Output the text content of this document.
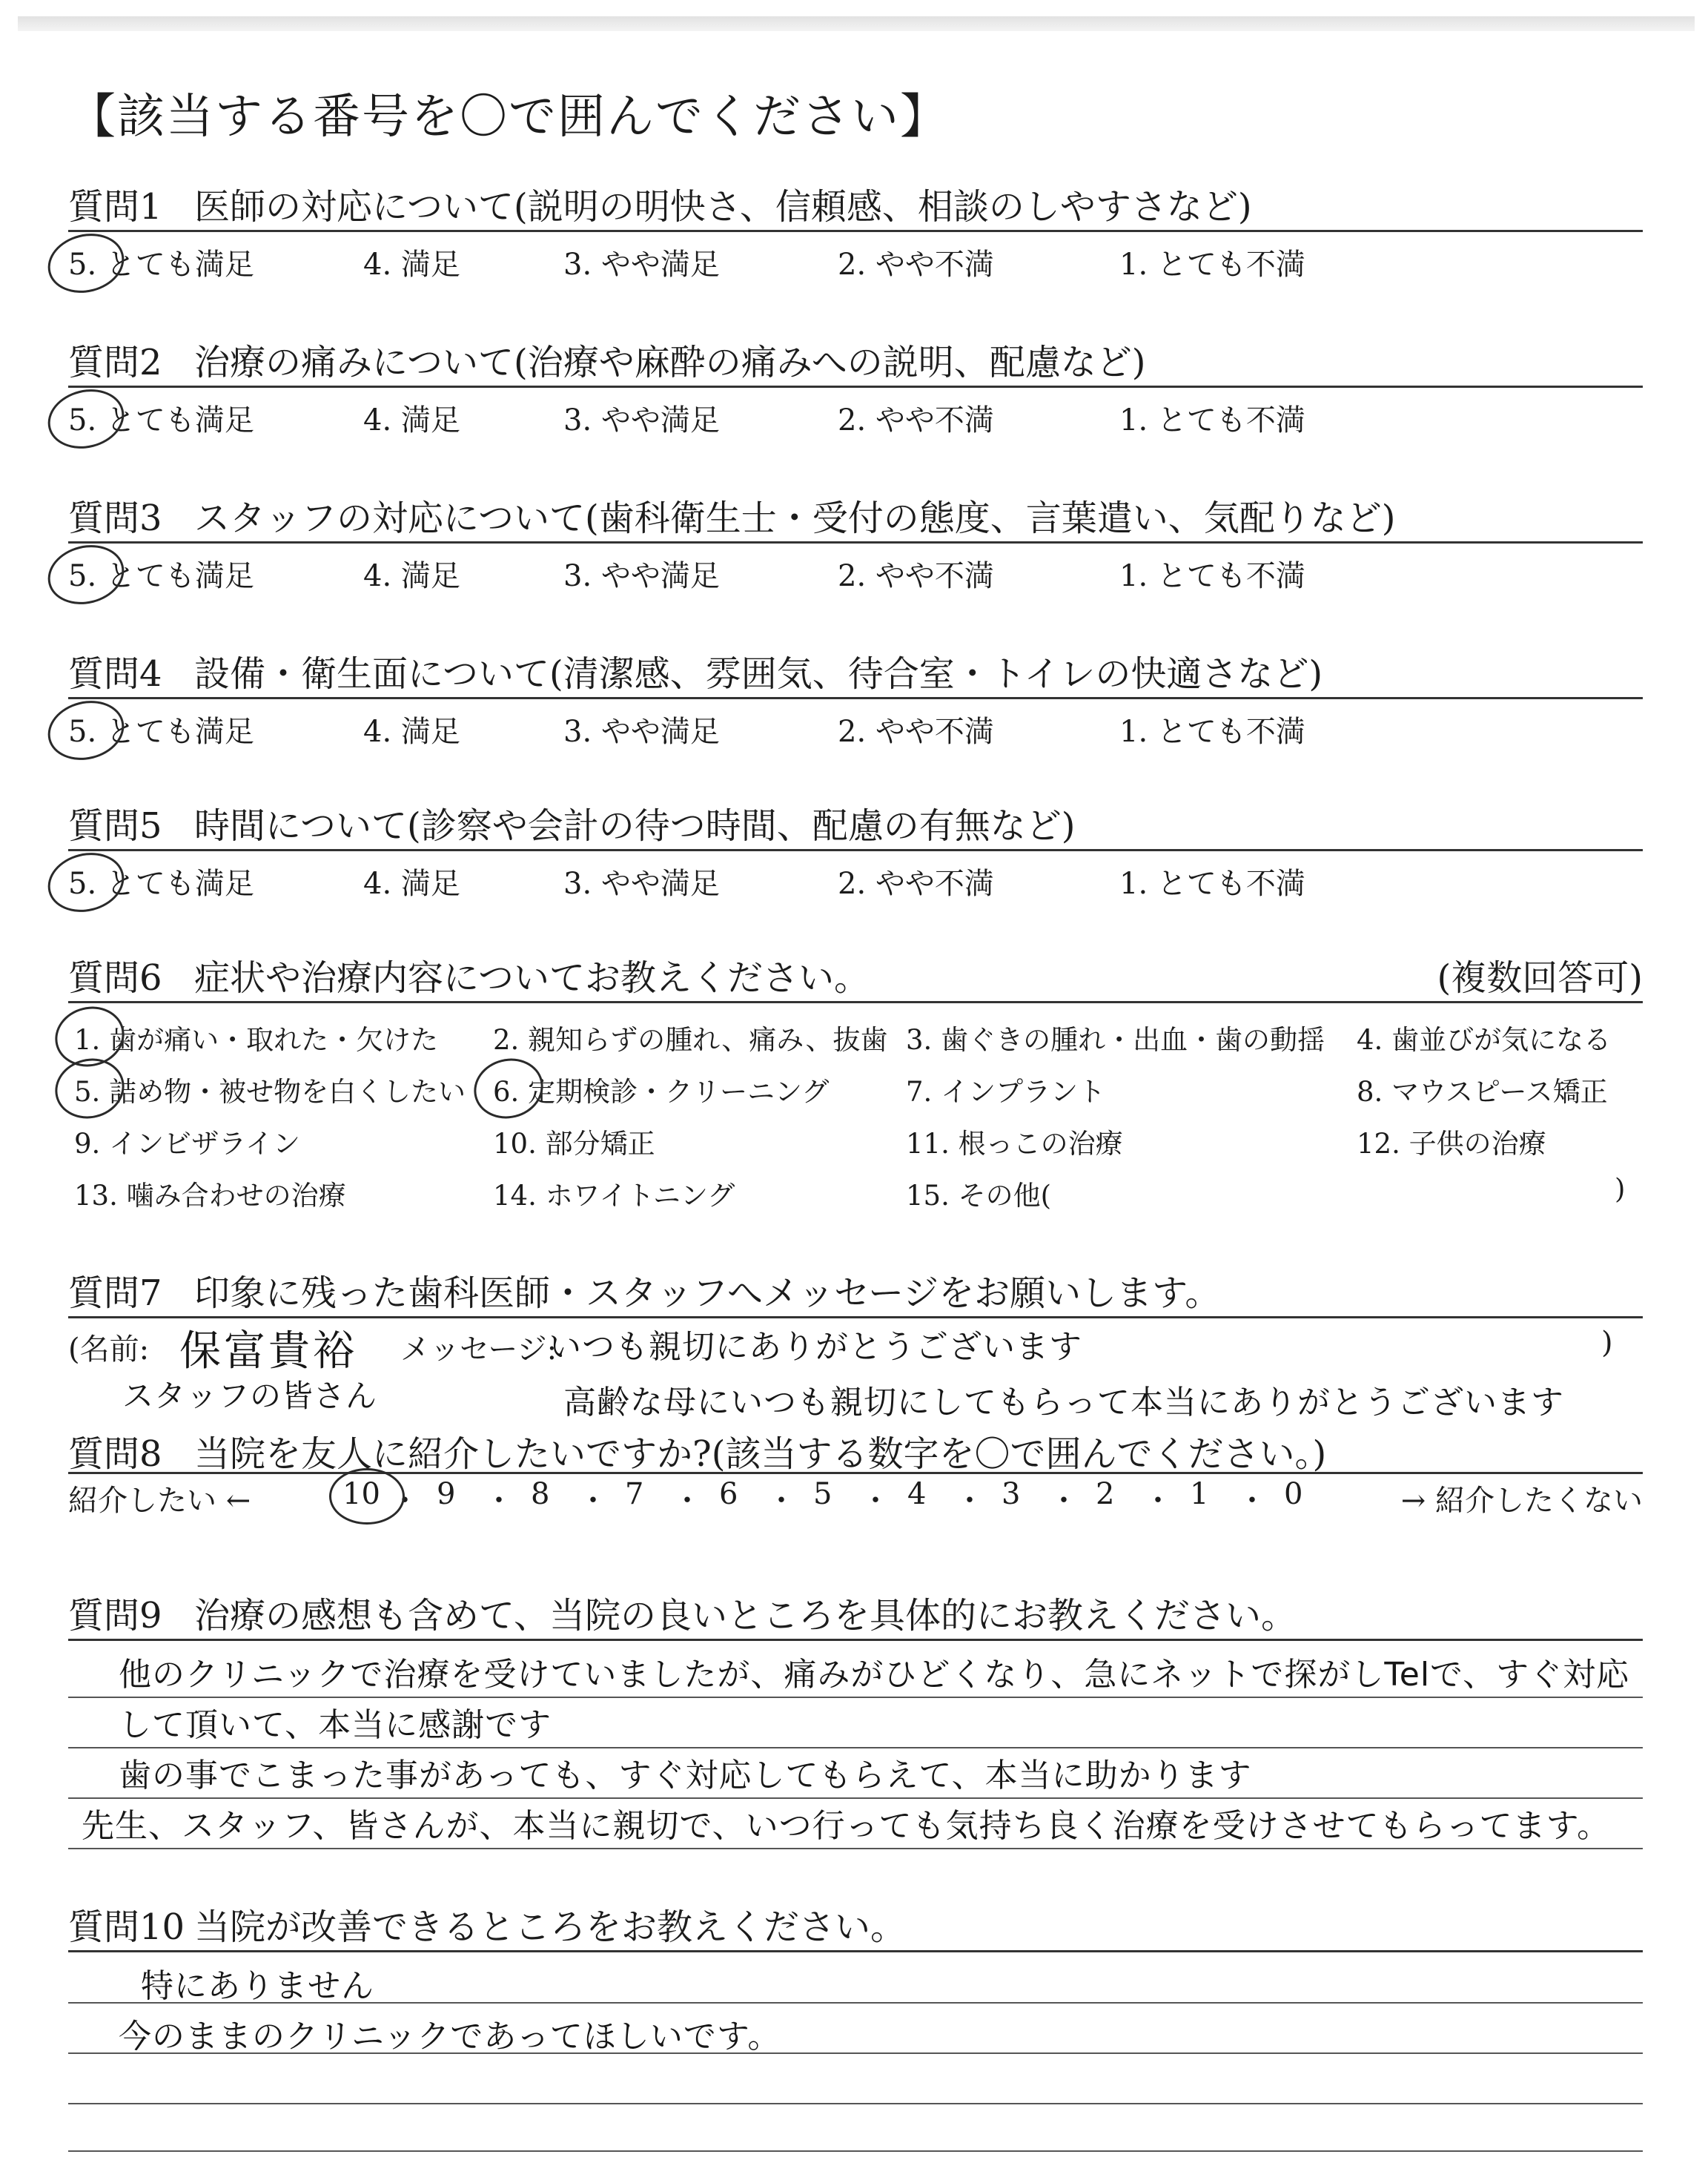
【該当する番号を〇で囲んでください】
質問1 医師の対応について(説明の明快さ、信頼感、相談のしやすさなど)
5. とても満足	4. 満足	3. やや満足	2. やや不満	1. とても不満
質問2 治療の痛みについて(治療や麻酔の痛みへの説明、配慮など)
5. とても満足	4. 満足	3. やや満足	2. やや不満	1. とても不満
質問3 スタッフの対応について(歯科衛生士・受付の態度、言葉遣い、気配りなど)
5. とても満足	4. 満足	3. やや満足	2. やや不満	1. とても不満
質問4 設備・衛生面について(清潔感、雰囲気、待合室・トイレの快適さなど)
5. とても満足	4. 満足	3. やや満足	2. やや不満	1. とても不満
質問5 時間について(診察や会計の待つ時間、配慮の有無など)
5. とても満足	4. 満足	3. やや満足	2. やや不満	1. とても不満
質問6 症状や治療内容についてお教えください。	(複数回答可)
1. 歯が痛い・取れた・欠けた 2. 親知らずの腫れ、痛み、抜歯 3. 歯ぐきの腫れ・出血・歯の動揺 4. 歯並びが気になる
5. 詰め物・被せ物を白くしたい 6. 定期検診・クリーニング	7. インプラント	8. マウスピース矯正
9. インビザライン	10. 部分矯正	11. 根っこの治療	12. 子供の治療
13. 噛み合わせの治療	14. ホワイトニング	15. その他(	)
質問7 印象に残った歯科医師・スタッフへメッセージをお願いします。
(名前: 保富貴裕 メッセージ:
いつも親切にありがとうございます	)
スタッフの皆さん	高齢な母にいつも親切にしてもらって本当にありがとうございます
質問8 当院を友人に紹介したいですか?(該当する数字を〇で囲んでください。)
紹介したい ←	→ 紹介したくない
10 ・ 9 ・ 8 ・ 7 ・ 6 ・ 5 ・ 4 ・ 3 ・ 2 ・ 1 ・ 0
質問9 治療の感想も含めて、当院の良いところを具体的にお教えください。
他のクリニックで治療を受けていましたが、痛みがひどくなり、急にネットで探がしTelで、すぐ対応
して頂いて、本当に感謝です
歯の事でこまった事があっても、すぐ対応してもらえて、本当に助かります
先生、スタッフ、皆さんが、本当に親切で、いつ行っても気持ち良く治療を受けさせてもらってます。
質問10 当院が改善できるところをお教えください。
特にありません
今のままのクリニックであってほしいです。
